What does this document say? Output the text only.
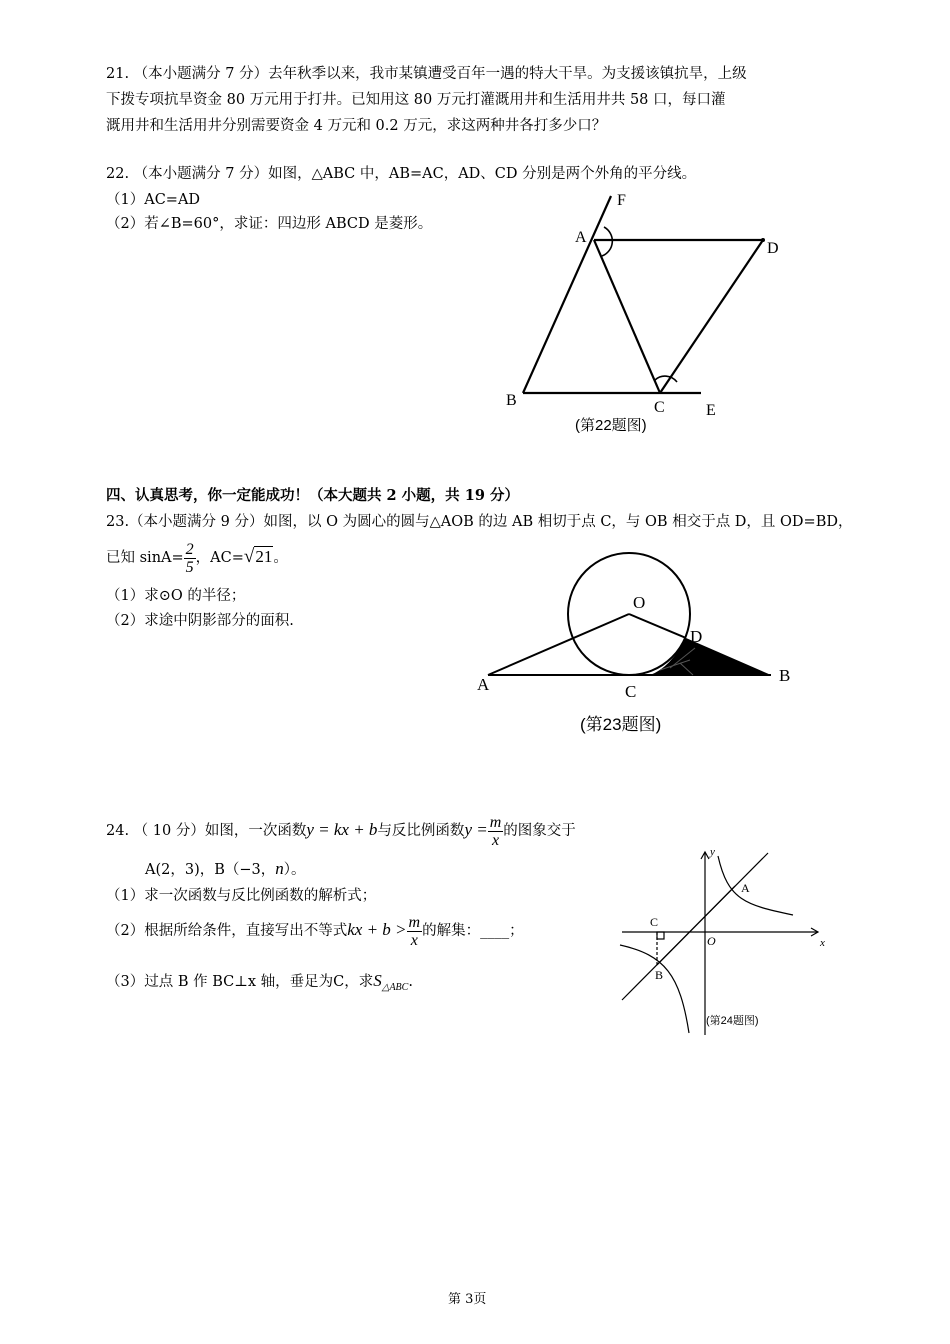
21. （本小题满分 7 分）去年秋季以来，我市某镇遭受百年一遇的特大干旱。为支援该镇抗旱，上级
下拨专项抗旱资金 80 万元用于打井。已知用这 80 万元打灌溉用井和生活用井共 58 口，每口灌
溉用井和生活用井分别需要资金 4 万元和 0.2 万元，求这两种井各打多少口？
22. （本小题满分 7 分）如图，△ABC 中，AB=AC，AD、CD 分别是两个外角的平分线。
（1）AC=AD
（2）若∠B=60°，求证：四边形 ABCD 是菱形。
F
A
D
B	C	E
(第22题图)
四、认真思考，你一定能成功！（本大题共 2 小题，共 19 分）
23.（本小题满分 9 分）如图，以 O 为圆心的圆与△AOB 的边 AB 相切于点 C，与 OB 相交于点 D，且 OD=BD，
已知 $\sin A= \frac{2}{5}$ ，AC=√21。
（1）求⊙O 的半径；
（2）求途中阴影部分的面积.
O
D
A	C
B
(第23题图)
24. （ 10 分）如图，一次函数y = kx + b与反比例函数$y = \frac{m}{x}$ 的图象交于
A(2，3)，B（−3，n）。
（1）求一次函数与反比例函数的解析式；
（2）根据所给条件，直接写出不等式kx + $b > \frac{m}{x}$ 的解集：____；
（3）过点 B 作 BC⊥x 轴，垂足为C，求$S_{\triangle ABC}$.
y
x
A
C
O
B
(第24题图)
第 3页
